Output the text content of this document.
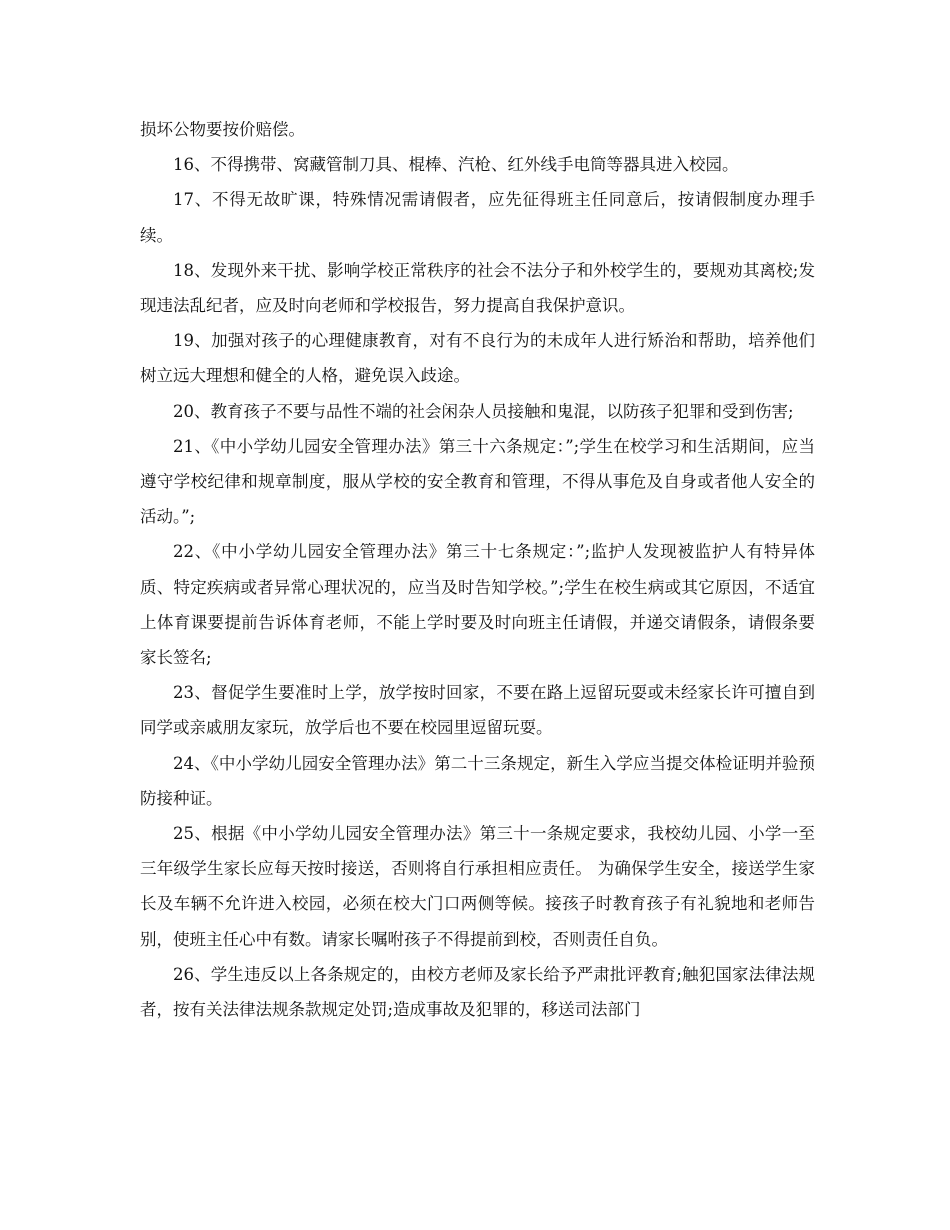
损坏公物要按价赔偿。

16、不得携带、窝藏管制刀具、棍棒、汽枪、红外线手电筒等器具进入校园。

17、不得无故旷课，特殊情况需请假者，应先征得班主任同意后，按请假制度办理手续。

18、发现外来干扰、影响学校正常秩序的社会不法分子和外校学生的，要规劝其离校;发现违法乱纪者，应及时向老师和学校报告，努力提高自我保护意识。

19、加强对孩子的心理健康教育，对有不良行为的未成年人进行矫治和帮助，培养他们树立远大理想和健全的人格，避免误入歧途。

20、教育孩子不要与品性不端的社会闲杂人员接触和鬼混，以防孩子犯罪和受到伤害;

21、《中小学幼儿园安全管理办法》第三十六条规定：”;学生在校学习和生活期间，应当遵守学校纪律和规章制度，服从学校的安全教育和管理，不得从事危及自身或者他人安全的活动。”;

22、《中小学幼儿园安全管理办法》第三十七条规定：”;监护人发现被监护人有特异体质、特定疾病或者异常心理状况的，应当及时告知学校。”;学生在校生病或其它原因，不适宜上体育课要提前告诉体育老师，不能上学时要及时向班主任请假，并递交请假条，请假条要家长签名;

23、督促学生要准时上学，放学按时回家，不要在路上逗留玩耍或未经家长许可擅自到同学或亲戚朋友家玩，放学后也不要在校园里逗留玩耍。

24、《中小学幼儿园安全管理办法》第二十三条规定，新生入学应当提交体检证明并验预防接种证。

25、根据《中小学幼儿园安全管理办法》第三十一条规定要求，我校幼儿园、小学一至三年级学生家长应每天按时接送，否则将自行承担相应责任。 为确保学生安全，接送学生家长及车辆不允许进入校园，必须在校大门口两侧等候。接孩子时教育孩子有礼貌地和老师告别，使班主任心中有数。请家长嘱咐孩子不得提前到校，否则责任自负。

26、学生违反以上各条规定的，由校方老师及家长给予严肃批评教育;触犯国家法律法规者，按有关法律法规条款规定处罚;造成事故及犯罪的，移送司法部门
